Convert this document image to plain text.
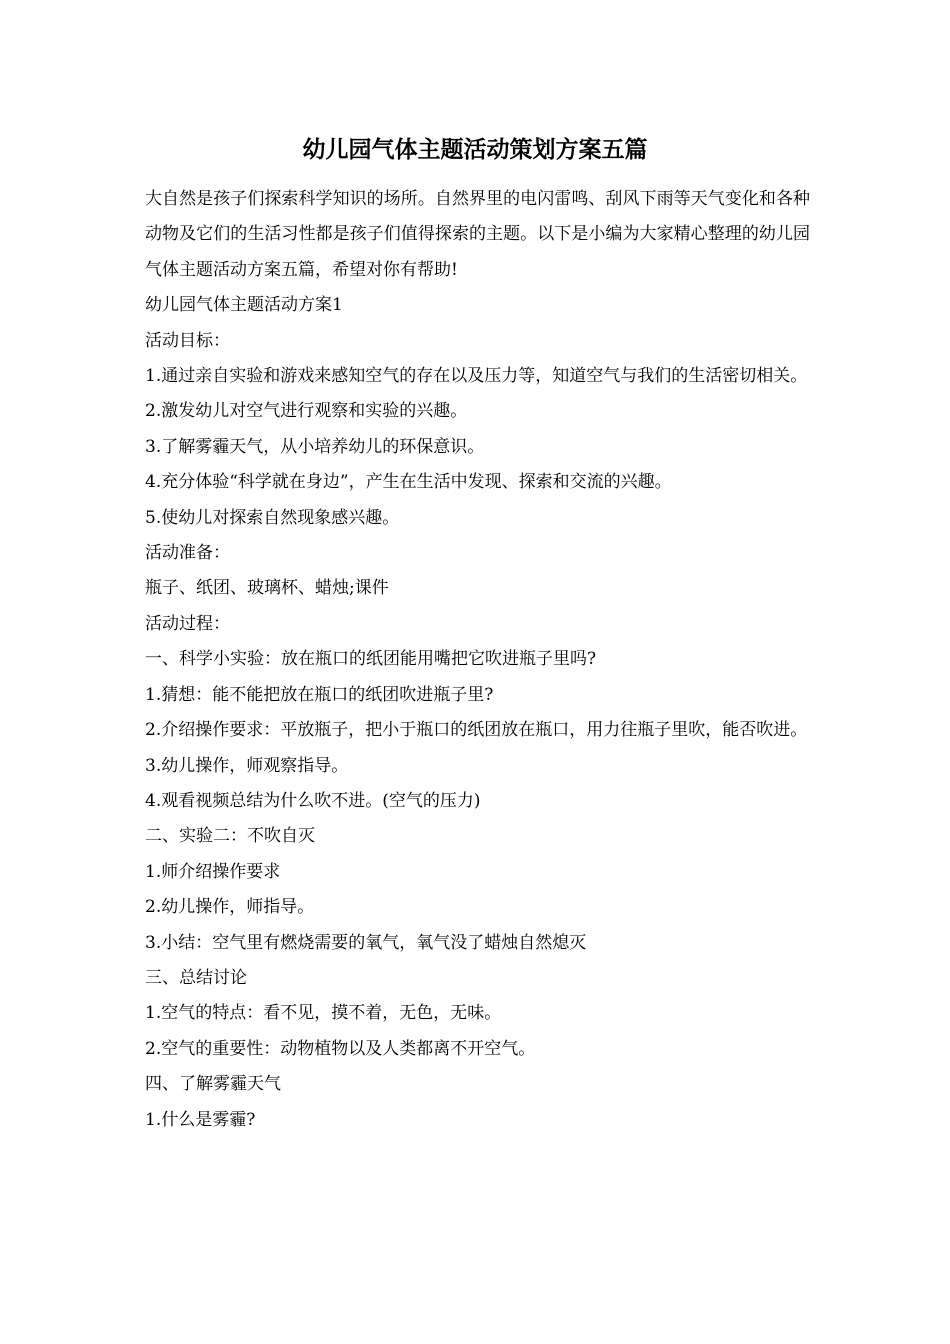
幼儿园气体主题活动策划方案五篇

大自然是孩子们探索科学知识的场所。自然界里的电闪雷鸣、刮风下雨等天气变化和各种动物及它们的生活习性都是孩子们值得探索的主题。以下是小编为大家精心整理的幼儿园气体主题活动方案五篇，希望对你有帮助!

幼儿园气体主题活动方案1

活动目标：

1.通过亲自实验和游戏来感知空气的存在以及压力等，知道空气与我们的生活密切相关。

2.激发幼儿对空气进行观察和实验的兴趣。

3.了解雾霾天气，从小培养幼儿的环保意识。

4.充分体验“科学就在身边”，产生在生活中发现、探索和交流的兴趣。

5.使幼儿对探索自然现象感兴趣。

活动准备：

瓶子、纸团、玻璃杯、蜡烛;课件

活动过程：

一、科学小实验：放在瓶口的纸团能用嘴把它吹进瓶子里吗?

1.猜想：能不能把放在瓶口的纸团吹进瓶子里?

2.介绍操作要求：平放瓶子，把小于瓶口的纸团放在瓶口，用力往瓶子里吹，能否吹进。

3.幼儿操作，师观察指导。

4.观看视频总结为什么吹不进。(空气的压力)

二、实验二：不吹自灭

1.师介绍操作要求

2.幼儿操作，师指导。

3.小结：空气里有燃烧需要的氧气，氧气没了蜡烛自然熄灭

三、总结讨论

1.空气的特点：看不见，摸不着，无色，无味。

2.空气的重要性：动物植物以及人类都离不开空气。

四、了解雾霾天气

1.什么是雾霾?
